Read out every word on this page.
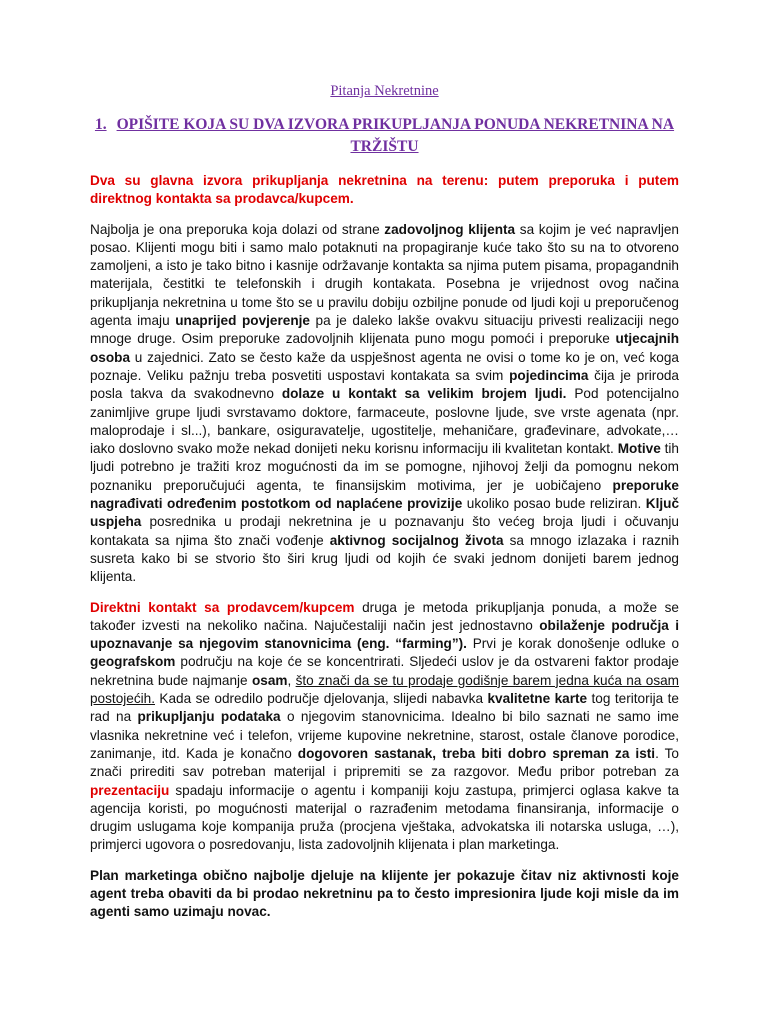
Pitanja Nekretnine
1. OPIŠITE KOJA SU DVA IZVORA PRIKUPLJANJA PONUDA NEKRETNINA NA TRŽIŠTU

Dva su glavna izvora prikupljanja nekretnina na terenu: putem preporuka i putem direktnog kontakta sa prodavca/kupcem.

Najbolja je ona preporuka koja dolazi od strane zadovoljnog klijenta sa kojim je već napravljen posao. Klijenti mogu biti i samo malo potaknuti na propagiranje kuće tako što su na to otvoreno zamoljeni, a isto je tako bitno i kasnije održavanje kontakta sa njima putem pisama, propagandnih materijala, čestitki te telefonskih i drugih kontakata. Posebna je vrijednost ovog načina prikupljanja nekretnina u tome što se u pravilu dobiju ozbiljne ponude od ljudi koji u preporučenog agenta imaju unaprijed povjerenje pa je daleko lakše ovakvu situaciju privesti realizaciji nego mnoge druge. Osim preporuke zadovoljnih klijenata puno mogu pomoći i preporuke utjecajnih osoba u zajednici. Zato se često kaže da uspješnost agenta ne ovisi o tome ko je on, već koga poznaje. Veliku pažnju treba posvetiti uspostavi kontakata sa svim pojedincima čija je priroda posla takva da svakodnevno dolaze u kontakt sa velikim brojem ljudi. Pod potencijalno zanimljive grupe ljudi svrstavamo doktore, farmaceute, poslovne ljude, sve vrste agenata (npr. maloprodaje i sl...), bankare, osiguravatelje, ugostitelje, mehaničare, građevinare, advokate,… iako doslovno svako može nekad donijeti neku korisnu informaciju ili kvalitetan kontakt. Motive tih ljudi potrebno je tražiti kroz mogućnosti da im se pomogne, njihovoj želji da pomognu nekom poznaniku preporučujući agenta, te finansijskim motivima, jer je uobičajeno preporuke nagrađivati određenim postotkom od naplaćene provizije ukoliko posao bude reliziran. Ključ uspjeha posrednika u prodaji nekretnina je u poznavanju što većeg broja ljudi i očuvanju kontakata sa njima što znači vođenje aktivnog socijalnog života sa mnogo izlazaka i raznih susreta kako bi se stvorio što širi krug ljudi od kojih će svaki jednom donijeti barem jednog klijenta.

Direktni kontakt sa prodavcem/kupcem druga je metoda prikupljanja ponuda, a može se također izvesti na nekoliko načina. Najučestaliji način jest jednostavno obilaženje područja i upoznavanje sa njegovim stanovnicima (eng. “farming”). Prvi je korak donošenje odluke o geografskom području na koje će se koncentrirati. Sljedeći uslov je da ostvareni faktor prodaje nekretnina bude najmanje osam, što znači da se tu prodaje godišnje barem jedna kuća na osam postojećih. Kada se odredilo područje djelovanja, slijedi nabavka kvalitetne karte tog teritorija te rad na prikupljanju podataka o njegovim stanovnicima. Idealno bi bilo saznati ne samo ime vlasnika nekretnine već i telefon, vrijeme kupovine nekretnine, starost, ostale članove porodice, zanimanje, itd. Kada je konačno dogovoren sastanak, treba biti dobro spreman za isti. To znači prirediti sav potreban materijal i pripremiti se za razgovor. Među pribor potreban za prezentaciju spadaju informacije o agentu i kompaniji koju zastupa, primjerci oglasa kakve ta agencija koristi, po mogućnosti materijal o razrađenim metodama finansiranja, informacije o drugim uslugama koje kompanija pruža (procjena vještaka, advokatska ili notarska usluga, …), primjerci ugovora o posredovanju, lista zadovoljnih klijenata i plan marketinga.

Plan marketinga obično najbolje djeluje na klijente jer pokazuje čitav niz aktivnosti koje agent treba obaviti da bi prodao nekretninu pa to često impresionira ljude koji misle da im agenti samo uzimaju novac.
